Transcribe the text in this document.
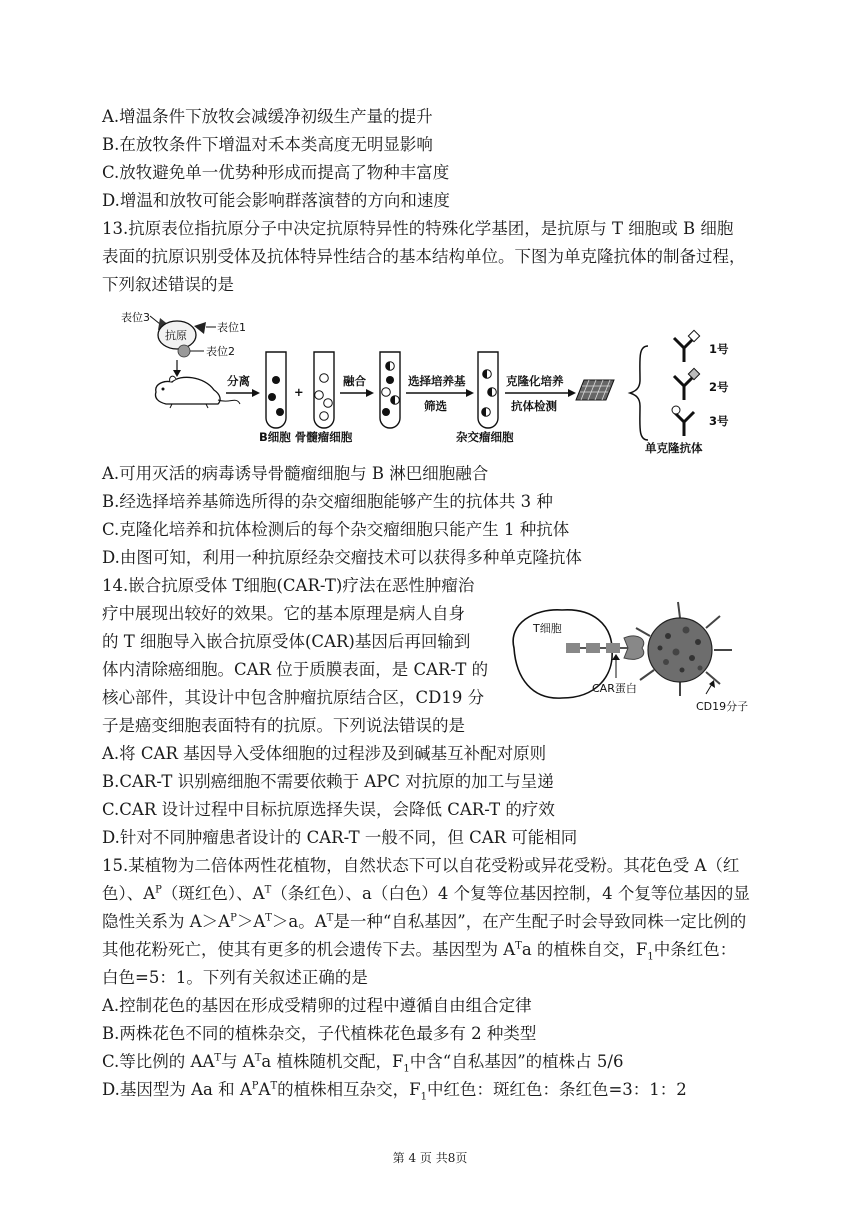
A.增温条件下放牧会减缓净初级生产量的提升
B.在放牧条件下增温对禾本类高度无明显影响
C.放牧避免单一优势种形成而提高了物种丰富度
D.增温和放牧可能会影响群落演替的方向和速度
13.抗原表位指抗原分子中决定抗原特异性的特殊化学基团，是抗原与 T 细胞或 B 细胞
表面的抗原识别受体及抗体特异性结合的基本结构单位。下图为单克隆抗体的制备过程，
下列叙述错误的是
表位3
抗原
表位1
表位2
分离
+
B细胞 骨髓瘤细胞
融合	选择培养基
筛选
杂交瘤细胞
克隆化培养
抗体检测
1号
2号
3号
单克隆抗体
A.可用灭活的病毒诱导骨髓瘤细胞与 B 淋巴细胞融合
B.经选择培养基筛选所得的杂交瘤细胞能够产生的抗体共 3 种
C.克隆化培养和抗体检测后的每个杂交瘤细胞只能产生 1 种抗体
D.由图可知，利用一种抗原经杂交瘤技术可以获得多种单克隆抗体
14.嵌合抗原受体 T细胞(CAR-T)疗法在恶性肿瘤治
疗中展现出较好的效果。它的基本原理是病人自身
的 T 细胞导入嵌合抗原受体(CAR)基因后再回输到
体内清除癌细胞。CAR 位于质膜表面，是 CAR-T 的
核心部件，其设计中包含肿瘤抗原结合区，CD19 分
子是癌变细胞表面特有的抗原。下列说法错误的是
T细胞
CAR蛋白
CD19分子
A.将 CAR 基因导入受体细胞的过程涉及到碱基互补配对原则
B.CAR-T 识别癌细胞不需要依赖于 APC 对抗原的加工与呈递
C.CAR 设计过程中目标抗原选择失误，会降低 CAR-T 的疗效
D.针对不同肿瘤患者设计的 CAR-T 一般不同，但 CAR 可能相同
15.某植物为二倍体两性花植物，自然状态下可以自花受粉或异花受粉。其花色受 A（红
色）、$A^P$（斑红色）、$A^T$（条红色）、a（白色）4 个复等位基因控制，4 个复等位基因的显
隐性关系为 $A>A^P>A^T>a$。$A^T$是一种“自私基因”，在产生配子时会导致同株一定比例的
其他花粉死亡，使其有更多的机会遗传下去。基因型为 $A^Ta$ 的植株自交，$F_1$中条红色：
白色=5：1。下列有关叙述正确的是
A.控制花色的基因在形成受精卵的过程中遵循自由组合定律
B.两株花色不同的植株杂交，子代植株花色最多有 2 种类型
C.等比例的 $AA^T$与 $A^Ta$ 植株随机交配，$F_1$中含“自私基因”的植株占 5/6
D.基因型为 Aa 和 $A^PA^T$的植株相互杂交，$F_1$中红色：斑红色：条红色=3：1：2
第 4 页 共8页
